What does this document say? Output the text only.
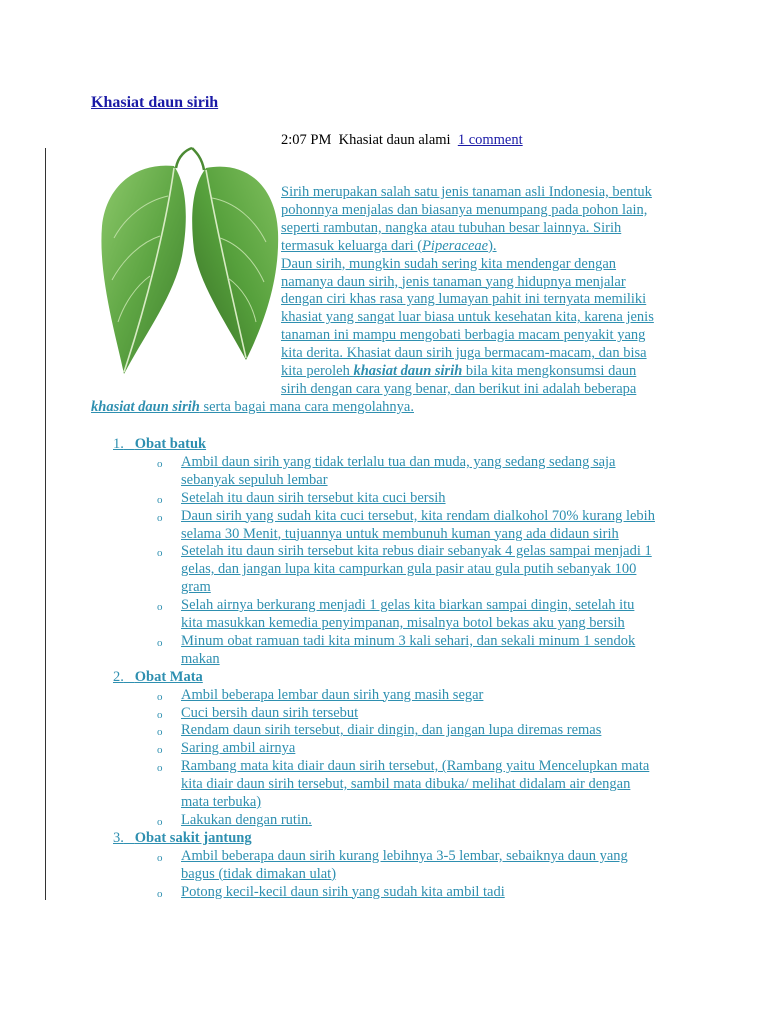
Khasiat daun sirih
2:07 PM Khasiat daun alami 1 comment
Sirih merupakan salah satu jenis tanaman asli Indonesia, bentuk
pohonnya menjalas dan biasanya menumpang pada pohon lain,
seperti rambutan, nangka atau tubuhan besar lainnya. Sirih
termasuk keluarga dari (Piperaceae).
Daun sirih, mungkin sudah sering kita mendengar dengan
namanya daun sirih, jenis tanaman yang hidupnya menjalar
dengan ciri khas rasa yang lumayan pahit ini ternyata memiliki
khasiat yang sangat luar biasa untuk kesehatan kita, karena jenis
tanaman ini mampu mengobati berbagia macam penyakit yang
kita derita. Khasiat daun sirih juga bermacam-macam, dan bisa
kita peroleh khasiat daun sirih bila kita mengkonsumsi daun
sirih dengan cara yang benar, dan berikut ini adalah beberapa
khasiat daun sirih serta bagai mana cara mengolahnya.
1. Obat batuk
o Ambil daun sirih yang tidak terlalu tua dan muda, yang sedang sedang saja
sebanyak sepuluh lembar
o Setelah itu daun sirih tersebut kita cuci bersih
o Daun sirih yang sudah kita cuci tersebut, kita rendam dialkohol 70% kurang lebih
selama 30 Menit, tujuannya untuk membunuh kuman yang ada didaun sirih
o Setelah itu daun sirih tersebut kita rebus diair sebanyak 4 gelas sampai menjadi 1
gelas, dan jangan lupa kita campurkan gula pasir atau gula putih sebanyak 100
gram
o Selah airnya berkurang menjadi 1 gelas kita biarkan sampai dingin, setelah itu
kita masukkan kemedia penyimpanan, misalnya botol bekas aku yang bersih
o Minum obat ramuan tadi kita minum 3 kali sehari, dan sekali minum 1 sendok
makan
2. Obat Mata
o Ambil beberapa lembar daun sirih yang masih segar
o Cuci bersih daun sirih tersebut
o Rendam daun sirih tersebut, diair dingin, dan jangan lupa diremas remas
o Saring ambil airnya
o Rambang mata kita diair daun sirih tersebut, (Rambang yaitu Mencelupkan mata
kita diair daun sirih tersebut, sambil mata dibuka/ melihat didalam air dengan
mata terbuka)
o Lakukan dengan rutin.
3. Obat sakit jantung
o Ambil beberapa daun sirih kurang lebihnya 3-5 lembar, sebaiknya daun yang
bagus (tidak dimakan ulat)
o Potong kecil-kecil daun sirih yang sudah kita ambil tadi
